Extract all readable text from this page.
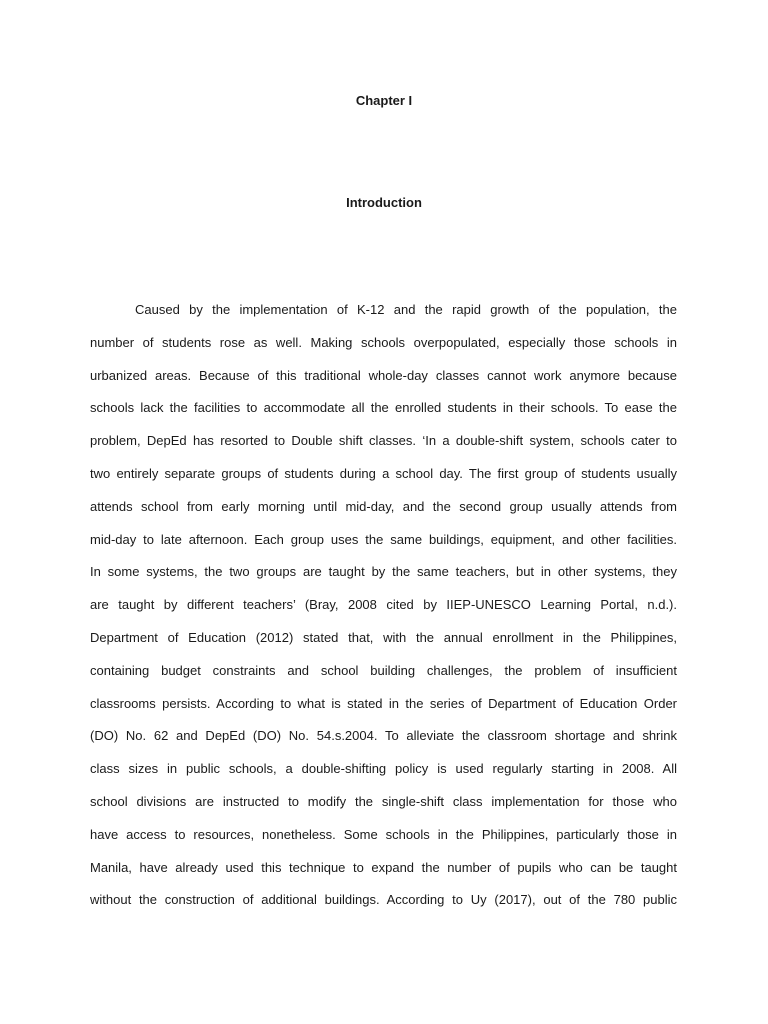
Chapter I
Introduction
Caused by the implementation of K-12 and the rapid growth of the population, the
number of students rose as well. Making schools overpopulated, especially those schools in
urbanized areas. Because of this traditional whole-day classes cannot work anymore because
schools lack the facilities to accommodate all the enrolled students in their schools. To ease the
problem, DepEd has resorted to Double shift classes. ‘In a double-shift system, schools cater to
two entirely separate groups of students during a school day. The first group of students usually
attends school from early morning until mid-day, and the second group usually attends from
mid-day to late afternoon. Each group uses the same buildings, equipment, and other facilities.
In some systems, the two groups are taught by the same teachers, but in other systems, they
are taught by different teachers’ (Bray, 2008 cited by IIEP-UNESCO Learning Portal, n.d.).
Department of Education (2012) stated that, with the annual enrollment in the Philippines,
containing budget constraints and school building challenges, the problem of insufficient
classrooms persists. According to what is stated in the series of Department of Education Order
(DO) No. 62 and DepEd (DO) No. 54.s.2004. To alleviate the classroom shortage and shrink
class sizes in public schools, a double-shifting policy is used regularly starting in 2008. All
school divisions are instructed to modify the single-shift class implementation for those who
have access to resources, nonetheless. Some schools in the Philippines, particularly those in
Manila, have already used this technique to expand the number of pupils who can be taught
without the construction of additional buildings. According to Uy (2017), out of the 780 public
